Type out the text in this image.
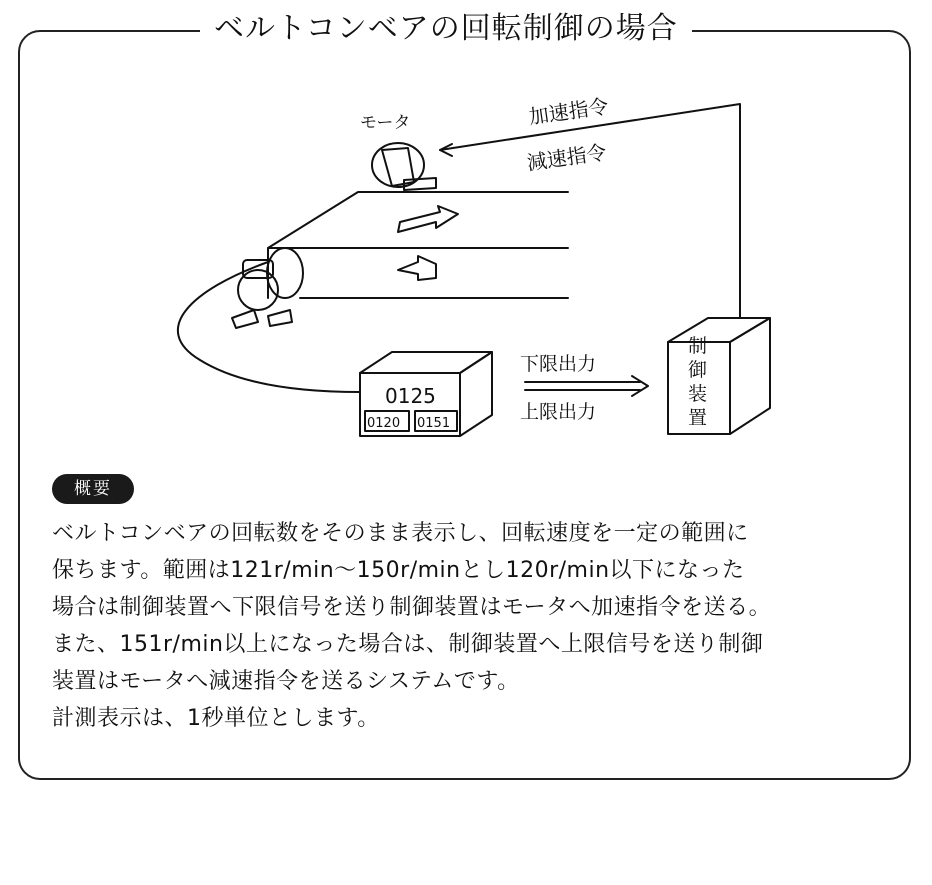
ベルトコンベアの回転制御の場合
モータ	加速指令
減速指令
0125
0120 0151
下限出力
上限出力
制
御
装
置
概要

ベルトコンベアの回転数をそのまま表示し、回転速度を一定の範囲に

保ちます。範囲は121r/min〜150r/minとし120r/min以下になった

場合は制御装置へ下限信号を送り制御装置はモータへ加速指令を送る。

また、151r/min以上になった場合は、制御装置へ上限信号を送り制御

装置はモータへ減速指令を送るシステムです。

計測表示は、1秒単位とします。
